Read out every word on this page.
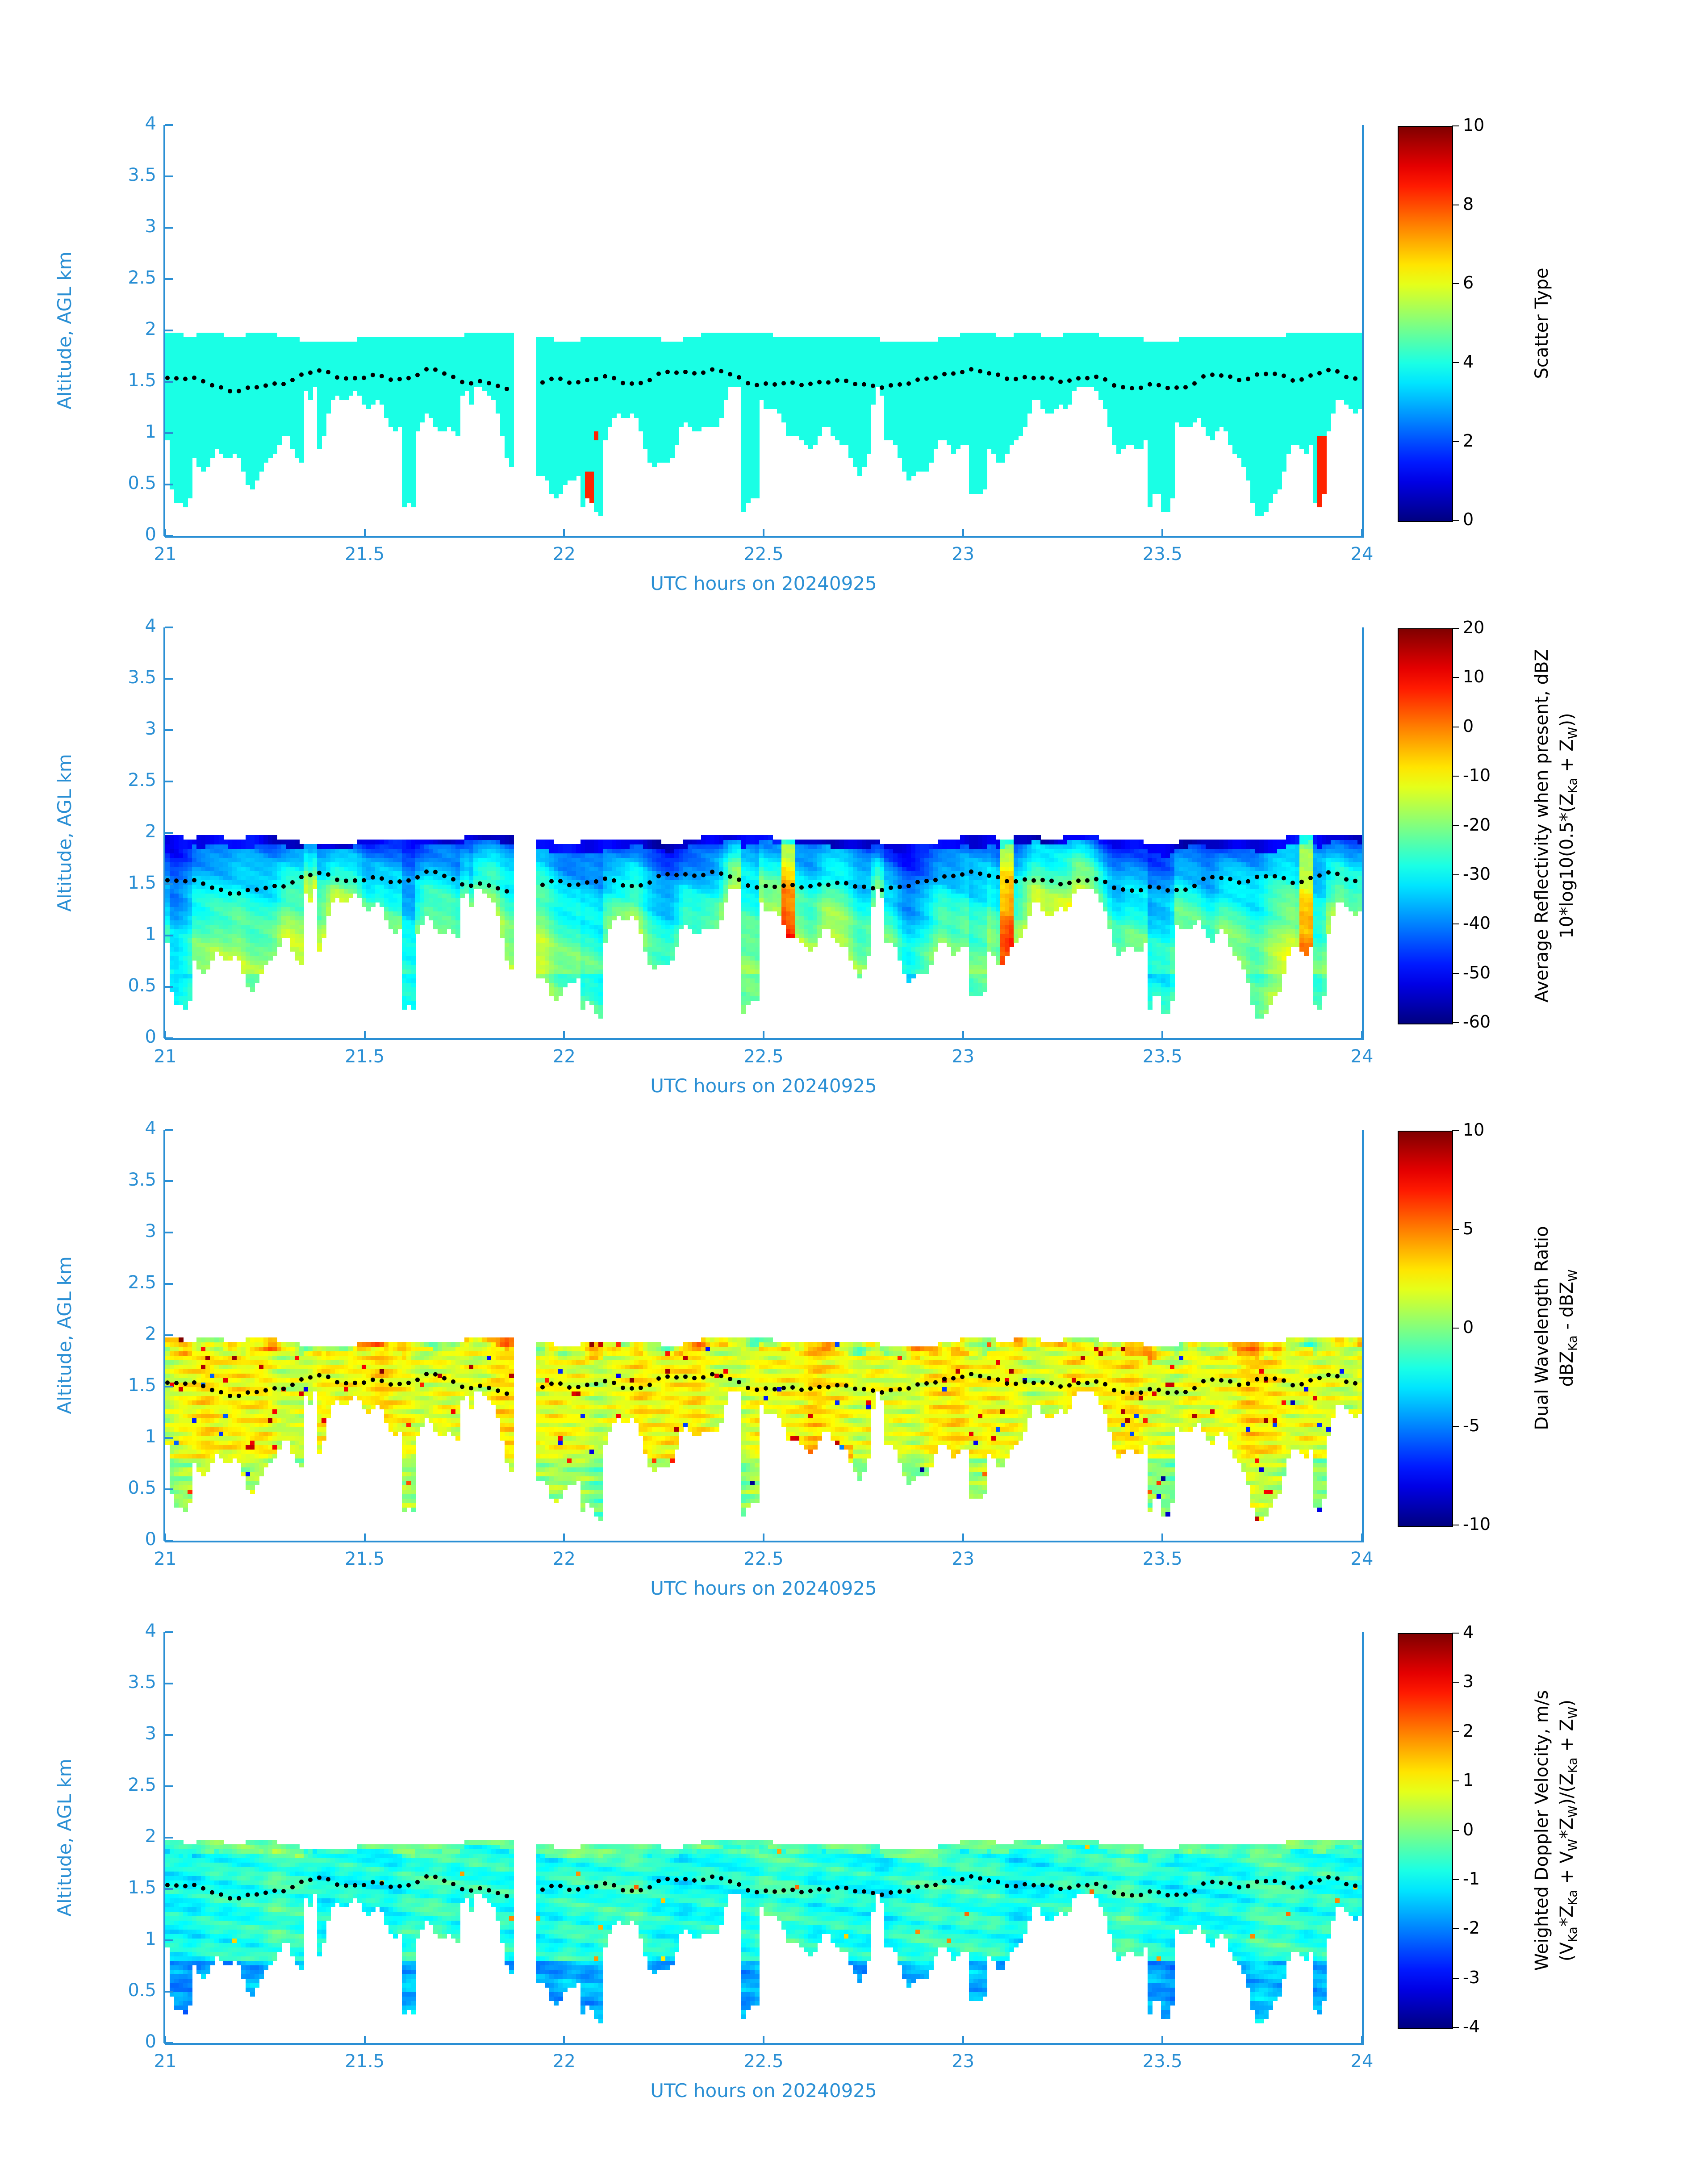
21	21.5	22	22.5	23	23.5	24
0
0.5
1
1.5
2
2.5
3
3.5
4
UTC hours on 20240925
Altitude, AGL km
0
2
4
6
8
10
Scatter Type
21	21.5	22	22.5	23	23.5	24
0
0.5
1
1.5
2
2.5
3
3.5
4
UTC hours on 20240925
Altitude, AGL km
-60
-50
-40
-30
-20
-10
0
10
20
Average Reflectivity when present, dBZ $10*\log 10(0.5*(Z_{Ka} + Z_W))$
21	21.5	22	22.5	23	23.5	24
0
0.5
1
1.5
2
2.5
3
3.5
4
UTC hours on 20240925
Altitude, AGL km
-10
-5
0
5
10
Dual Wavelength Ratio dBZ$_{Ka}$ - dBZ$_W$
21	21.5	22	22.5	23	23.5	24
0
0.5
1
1.5
2
2.5
3
3.5
4
UTC hours on 20240925
Altitude, AGL km
-4
-3
-2
-1
0
1
2
3
4
Weighted Doppler Velocity, m/s $(V_{Ka}*Z_{Ka} + V_W*Z_W)/(Z_{Ka} + Z_W)$
